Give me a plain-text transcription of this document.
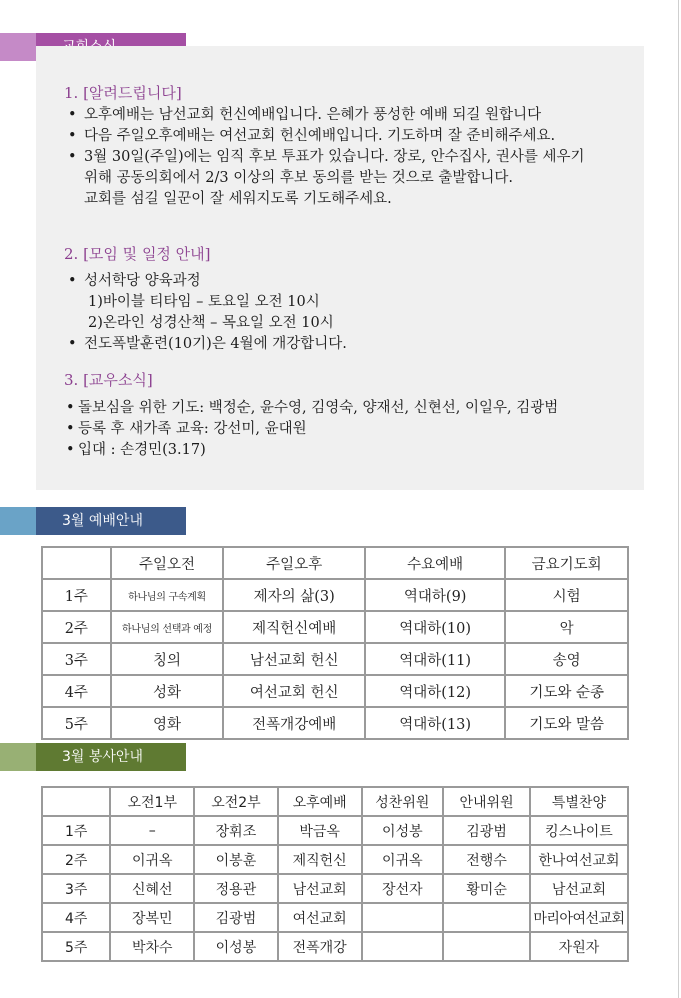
1. [알려드립니다]

• 오후예배는 남선교회 헌신예배입니다. 은혜가 풍성한 예배 되길 원합니다
• 다음 주일오후예배는 여선교회 헌신예배입니다. 기도하며 잘 준비해주세요.
• 3월 30일(주일)에는 임직 후보 투표가 있습니다. 장로, 안수집사, 권사를 세우기
위해 공동의회에서 2/3 이상의 후보 동의를 받는 것으로 출발합니다.
교회를 섬길 일꾼이 잘 세워지도록 기도해주세요.

2. [모임 및 일정 안내]

• 성서학당 양육과정
1)바이블 티타임 – 토요일 오전 10시
2)온라인 성경산책 – 목요일 오전 10시
• 전도폭발훈련(10기)은 4월에 개강합니다.

3. [교우소식]

• 돌보심을 위한 기도: 백정순, 윤수영, 김영숙, 양재선, 신현선, 이일우, 김광범
• 등록 후 새가족 교육: 강선미, 윤대원
• 입대 : 손경민(3.17)
3월 예배안내
	주일오전	주일오후	수요예배	금요기도회
1주	하나님의 구속계획	제자의 삶(3)	역대하(9)	시험
2주	하나님의 선택과 예정	제직헌신예배	역대하(10)	악
3주	칭의	남선교회 헌신	역대하(11)	송영
4주	성화	여선교회 헌신	역대하(12)	기도와 순종
5주	영화	전폭개강예배	역대하(13)	기도와 말씀
3월 봉사안내
	오전1부	오전2부	오후예배	성찬위원	안내위원	특별찬양
1주	–	장휘조	박금옥	이성봉	김광범	킹스나이트
2주	이귀옥	이봉훈	제직헌신	이귀옥	전행수	한나여선교회
3주	신혜선	정용관	남선교회	장선자	황미순	남선교회
4주	장복민	김광범	여선교회			마리아여선교회
5주	박차수	이성봉	전폭개강			자원자
